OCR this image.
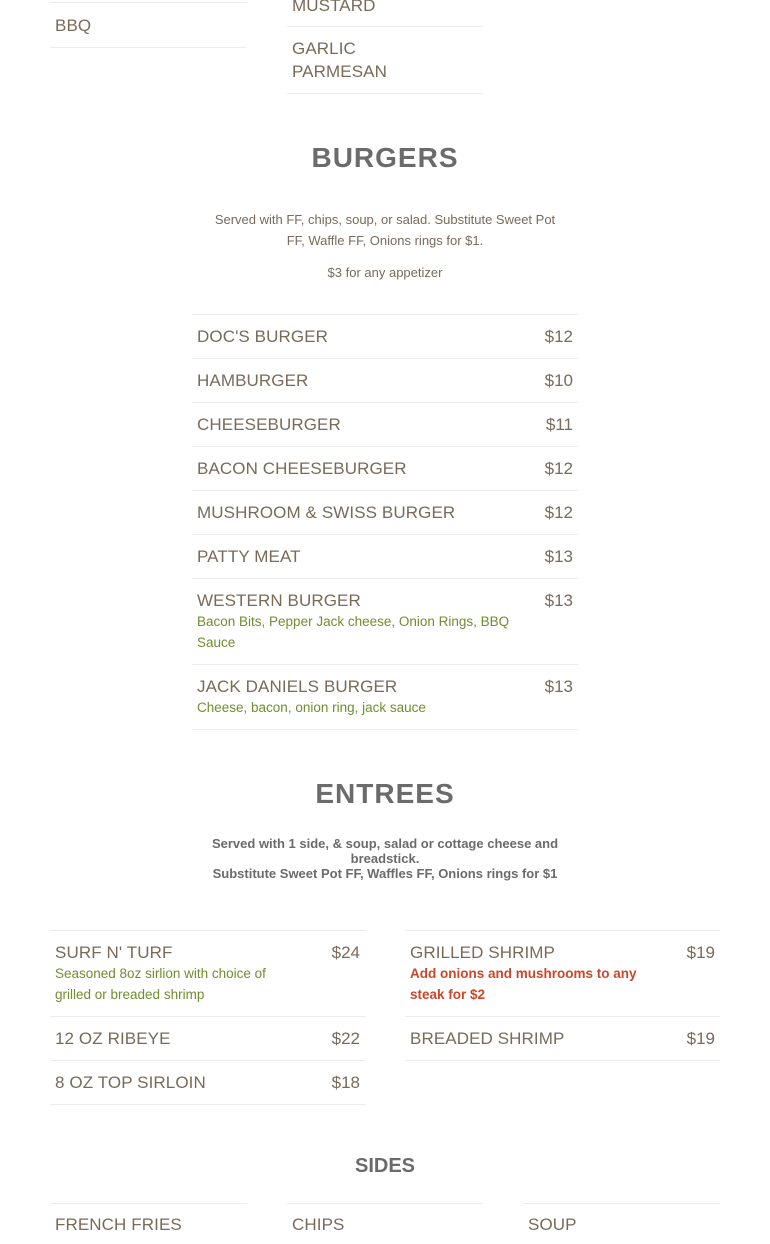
BBQ
MUSTARD
GARLIC PARMESAN
BURGERS
Served with FF, chips, soup, or salad. Substitute Sweet Pot FF, Waffle FF, Onions rings for $1.
$3 for any appetizer
DOC'S BURGER	$12
HAMBURGER	$10
CHEESEBURGER	$11
BACON CHEESEBURGER	$12
MUSHROOM & SWISS BURGER	$12
PATTY MEAT	$13
WESTERN BURGER	$13
Bacon Bits, Pepper Jack cheese, Onion Rings, BBQ Sauce
JACK DANIELS BURGER	$13
Cheese, bacon, onion ring, jack sauce
ENTREES
Served with 1 side, & soup, salad or cottage cheese and breadstick.
Substitute Sweet Pot FF, Waffles FF, Onions rings for $1
SURF N' TURF	$24
Seasoned 8oz sirlion with choice of grilled or breaded shrimp
12 OZ RIBEYE	$22
8 OZ TOP SIRLOIN	$18
GRILLED SHRIMP	$19
Add onions and mushrooms to any steak for $2
BREADED SHRIMP	$19
SIDES
FRENCH FRIES	CHIPS	SOUP
